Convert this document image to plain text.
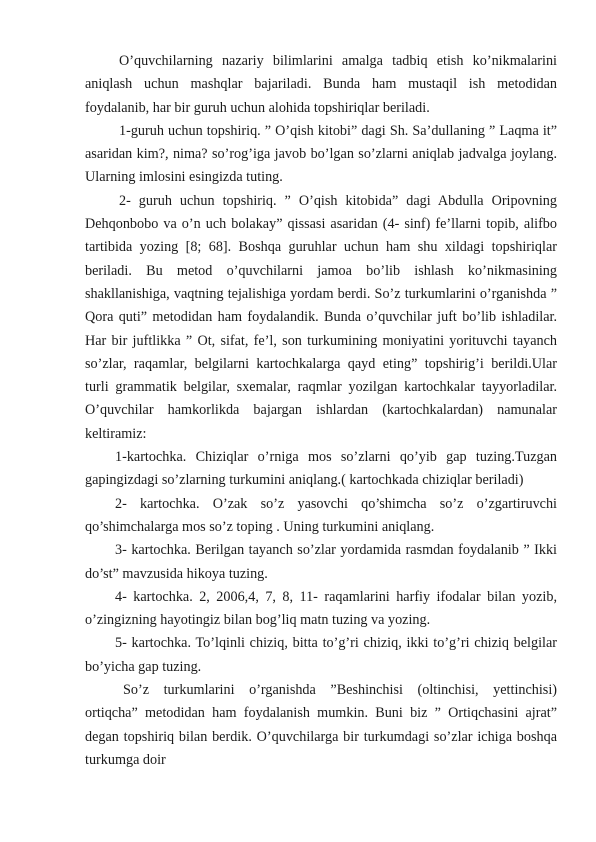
O’quvchilarning nazariy bilimlarini amalga tadbiq etish ko’nikmalarini aniqlash uchun mashqlar bajariladi. Bunda ham mustaqil ish metodidan foydalanib, har bir guruh uchun alohida topshiriqlar beriladi.

1-guruh uchun topshiriq. ” O’qish kitobi” dagi Sh. Sa’dullaning ” Laqma it” asaridan kim?, nima? so’rog’iga javob bo’lgan so’zlarni aniqlab jadvalga joylang. Ularning imlosini esingizda tuting.

2- guruh uchun topshiriq. ” O’qish kitobida” dagi Abdulla Oripovning Dehqonbobo va o’n uch bolakay” qissasi asaridan (4- sinf) fe’llarni topib, alifbo tartibida yozing [8; 68]. Boshqa guruhlar uchun ham shu xildagi topshiriqlar beriladi. Bu metod o’quvchilarni jamoa bo’lib ishlash ko’nikmasining shakllanishiga, vaqtning tejalishiga yordam berdi. So’z turkumlarini o’rganishda ” Qora quti” metodidan ham foydalandik. Bunda o’quvchilar juft bo’lib ishladilar. Har bir juftlikka ” Ot, sifat, fe’l, son turkumining moniyatini yorituvchi tayanch so’zlar, raqamlar, belgilarni kartochkalarga qayd eting” topshirig’i berildi.Ular turli grammatik belgilar, sxemalar, raqmlar yozilgan kartochkalar tayyorladilar. O’quvchilar hamkorlikda bajargan ishlardan (kartochkalardan) namunalar keltiramiz:

1-kartochka. Chiziqlar o’rniga mos so’zlarni qo’yib gap tuzing.Tuzgan gapingizdagi so’zlarning turkumini aniqlang.( kartochkada chiziqlar beriladi)

2- kartochka. O’zak so’z yasovchi qo’shimcha so’z o’zgartiruvchi qo’shimchalarga mos so’z toping . Uning turkumini aniqlang.

3- kartochka. Berilgan tayanch so’zlar yordamida rasmdan foydalanib ” Ikki do’st” mavzusida hikoya tuzing.

4- kartochka. 2, 2006,4, 7, 8, 11- raqamlarini harfiy ifodalar bilan yozib, o’zingizning hayotingiz bilan bog’liq matn tuzing va yozing.

5- kartochka. To’lqinli chiziq, bitta to’g’ri chiziq, ikki to’g’ri chiziq belgilar bo’yicha gap tuzing.

So’z turkumlarini o’rganishda ”Beshinchisi (oltinchisi, yettinchisi) ortiqcha” metodidan ham foydalanish mumkin. Buni biz ” Ortiqchasini ajrat” degan topshiriq bilan berdik. O’quvchilarga bir turkumdagi so’zlar ichiga boshqa turkumga doir
